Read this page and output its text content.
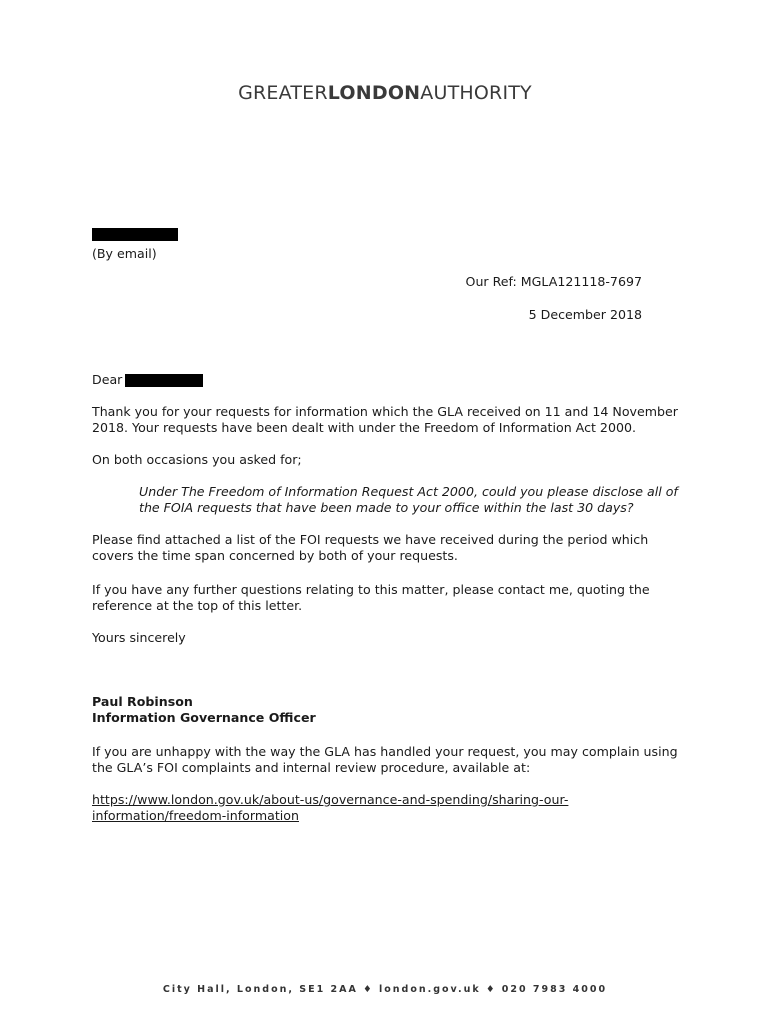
GREATERLONDONAUTHORITY
(By email)
Our Ref: MGLA121118-7697
5 December 2018
Dear
Thank you for your requests for information which the GLA received on 11 and 14 November 2018. Your requests have been dealt with under the Freedom of Information Act 2000.
On both occasions you asked for;
Under The Freedom of Information Request Act 2000, could you please disclose all of the FOIA requests that have been made to your office within the last 30 days?
Please find attached a list of the FOI requests we have received during the period which covers the time span concerned by both of your requests.
If you have any further questions relating to this matter, please contact me, quoting the reference at the top of this letter.
Yours sincerely
Paul Robinson
Information Governance Officer
If you are unhappy with the way the GLA has handled your request, you may complain using the GLA’s FOI complaints and internal review procedure, available at:
https://www.london.gov.uk/about-us/governance-and-spending/sharing-our-information/freedom-information
City Hall, London, SE1 2AA ♦ london.gov.uk ♦ 020 7983 4000
